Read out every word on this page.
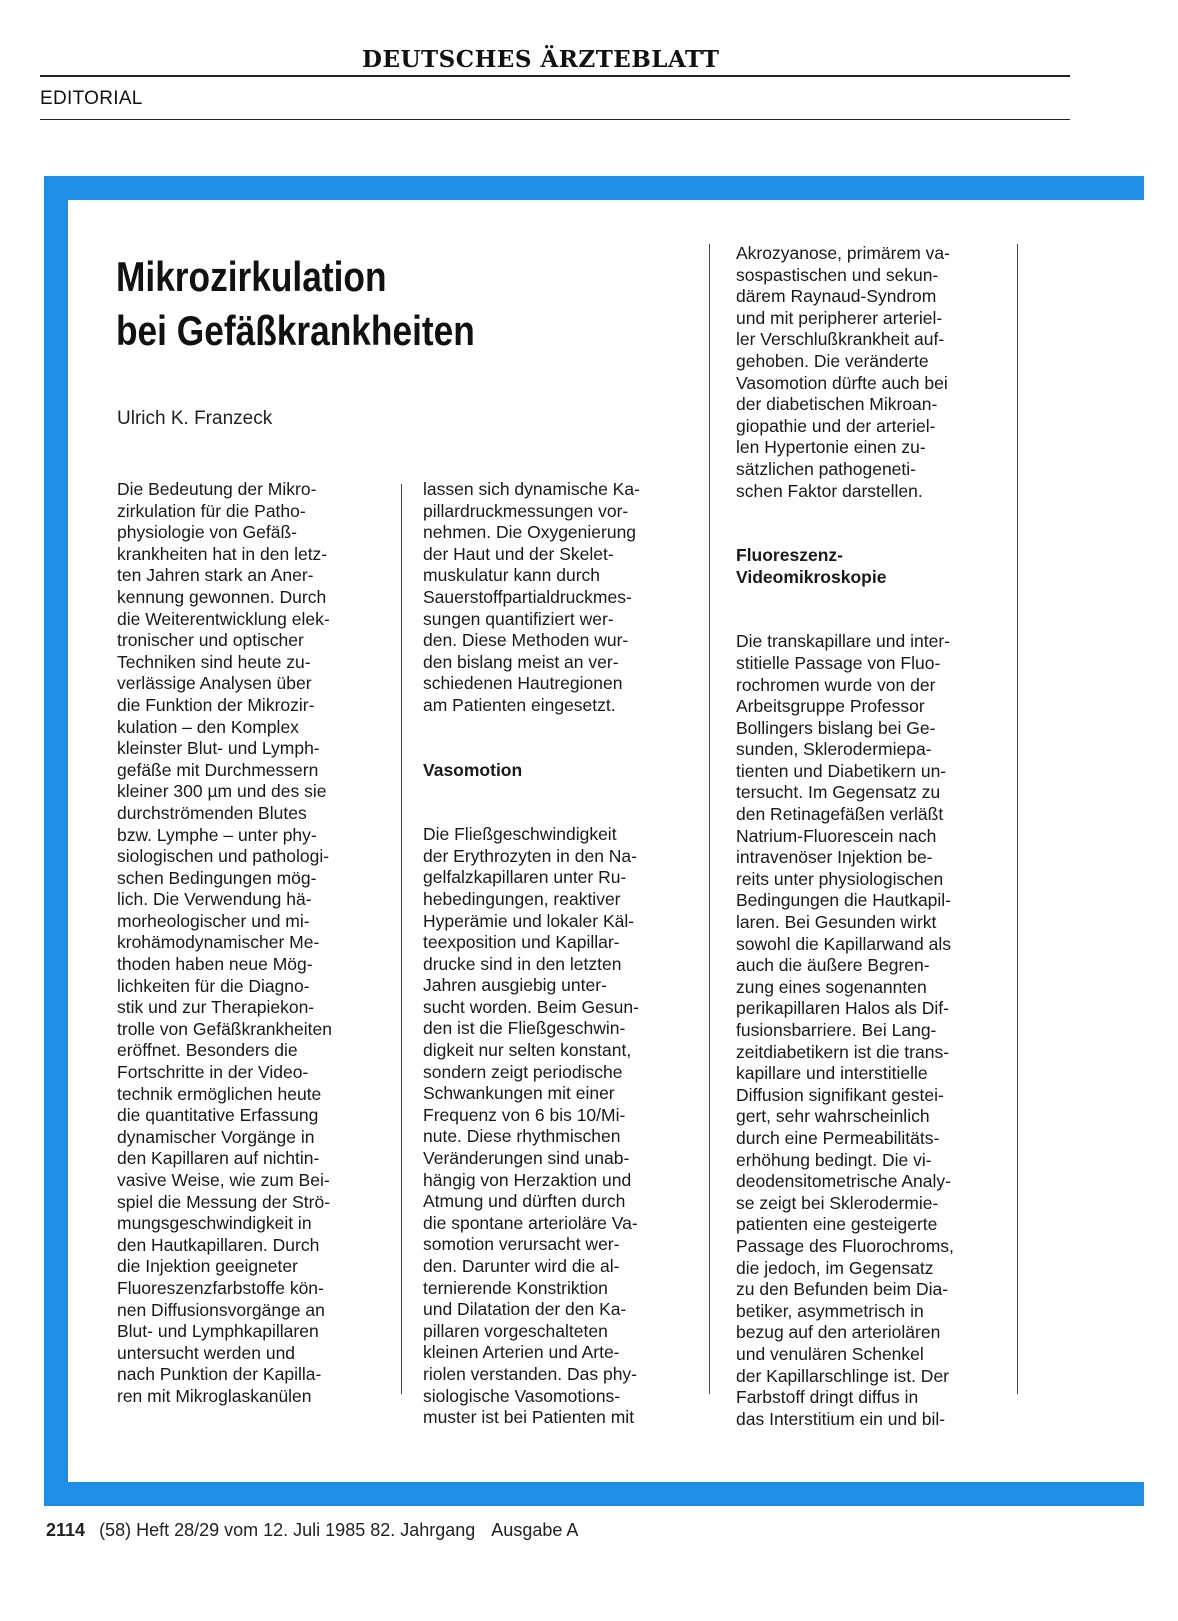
DEUTSCHES ÄRZTEBLATT
EDITORIAL
Mikrozirkulation
bei Gefäßkrankheiten
Ulrich K. Franzeck

Die Bedeutung der Mikro-

zirkulation für die Patho-

physiologie von Gefäß-

krankheiten hat in den letz-

ten Jahren stark an Aner-

kennung gewonnen. Durch

die Weiterentwicklung elek-

tronischer und optischer

Techniken sind heute zu-

verlässige Analysen über

die Funktion der Mikrozir-

kulation – den Komplex

kleinster Blut- und Lymph-

gefäße mit Durchmessern

kleiner 300 µm und des sie

durchströmenden Blutes

bzw. Lymphe – unter phy-

siologischen und pathologi-

schen Bedingungen mög-

lich. Die Verwendung hä-

morheologischer und mi-

krohämodynamischer Me-

thoden haben neue Mög-

lichkeiten für die Diagno-

stik und zur Therapiekon-

trolle von Gefäßkrankheiten

eröffnet. Besonders die

Fortschritte in der Video-

technik ermöglichen heute

die quantitative Erfassung

dynamischer Vorgänge in

den Kapillaren auf nichtin-

vasive Weise, wie zum Bei-

spiel die Messung der Strö-

mungsgeschwindigkeit in

den Hautkapillaren. Durch

die Injektion geeigneter

Fluoreszenzfarbstoffe kön-

nen Diffusionsvorgänge an

Blut- und Lymphkapillaren

untersucht werden und

nach Punktion der Kapilla-

ren mit Mikroglaskanülen

lassen sich dynamische Ka-

pillardruckmessungen vor-

nehmen. Die Oxygenierung

der Haut und der Skelet-

muskulatur kann durch

Sauerstoffpartialdruckmes-

sungen quantifiziert wer-

den. Diese Methoden wur-

den bislang meist an ver-

schiedenen Hautregionen

am Patienten eingesetzt.

Vasomotion

Die Fließgeschwindigkeit

der Erythrozyten in den Na-

gelfalzkapillaren unter Ru-

hebedingungen, reaktiver

Hyperämie und lokaler Käl-

teexposition und Kapillar-

drucke sind in den letzten

Jahren ausgiebig unter-

sucht worden. Beim Gesun-

den ist die Fließgeschwin-

digkeit nur selten konstant,

sondern zeigt periodische

Schwankungen mit einer

Frequenz von 6 bis 10/Mi-

nute. Diese rhythmischen

Veränderungen sind unab-

hängig von Herzaktion und

Atmung und dürften durch

die spontane arterioläre Va-

somotion verursacht wer-

den. Darunter wird die al-

ternierende Konstriktion

und Dilatation der den Ka-

pillaren vorgeschalteten

kleinen Arterien und Arte-

riolen verstanden. Das phy-

siologische Vasomotions-

muster ist bei Patienten mit

Akrozyanose, primärem va-

sospastischen und sekun-

därem Raynaud-Syndrom

und mit peripherer arteriel-

ler Verschlußkrankheit auf-

gehoben. Die veränderte

Vasomotion dürfte auch bei

der diabetischen Mikroan-

giopathie und der arteriel-

len Hypertonie einen zu-

sätzlichen pathogeneti-

schen Faktor darstellen.

Fluoreszenz-
Videomikroskopie

Die transkapillare und inter-

stitielle Passage von Fluo-

rochromen wurde von der

Arbeitsgruppe Professor

Bollingers bislang bei Ge-

sunden, Sklerodermiepa-

tienten und Diabetikern un-

tersucht. Im Gegensatz zu

den Retinagefäßen verläßt

Natrium-Fluorescein nach

intravenöser Injektion be-

reits unter physiologischen

Bedingungen die Hautkapil-

laren. Bei Gesunden wirkt

sowohl die Kapillarwand als

auch die äußere Begren-

zung eines sogenannten

perikapillaren Halos als Dif-

fusionsbarriere. Bei Lang-

zeitdiabetikern ist die trans-

kapillare und interstitielle

Diffusion signifikant gestei-

gert, sehr wahrscheinlich

durch eine Permeabilitäts-

erhöhung bedingt. Die vi-

deodensitometrische Analy-

se zeigt bei Sklerodermie-

patienten eine gesteigerte

Passage des Fluorochroms,

die jedoch, im Gegensatz

zu den Befunden beim Dia-

betiker, asymmetrisch in

bezug auf den arteriolären

und venulären Schenkel

der Kapillarschlinge ist. Der

Farbstoff dringt diffus in

das Interstitium ein und bil-

2114 (58) Heft 28/29 vom 12. Juli 1985 82. Jahrgang Ausgabe A
